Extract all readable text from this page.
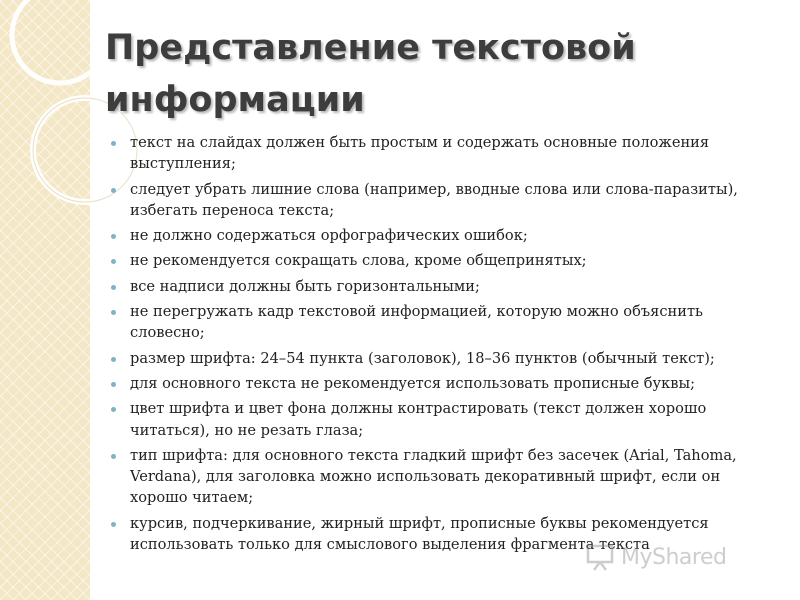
Представление текстовой информации
текст на слайдах должен быть простым и содержать основные положения выступления;
следует убрать лишние слова (например, вводные слова или слова-паразиты), избегать переноса текста;
не должно содержаться орфографических ошибок;
не рекомендуется сокращать слова, кроме общепринятых;
все надписи должны быть горизонтальными;
не перегружать кадр текстовой информацией, которую можно объяснить словесно;
размер шрифта: 24–54 пункта (заголовок), 18–36 пунктов (обычный текст);
для основного текста не рекомендуется использовать прописные буквы;
цвет шрифта и цвет фона должны контрастировать (текст должен хорошо читаться), но не резать глаза;
тип шрифта: для основного текста гладкий шрифт без засечек (Arial, Tahoma, Verdana), для заголовка можно использовать декоративный шрифт, если он хорошо читаем;
курсив, подчеркивание, жирный шрифт, прописные буквы рекомендуется использовать только для смыслового выделения фрагмента текста
MyShared
